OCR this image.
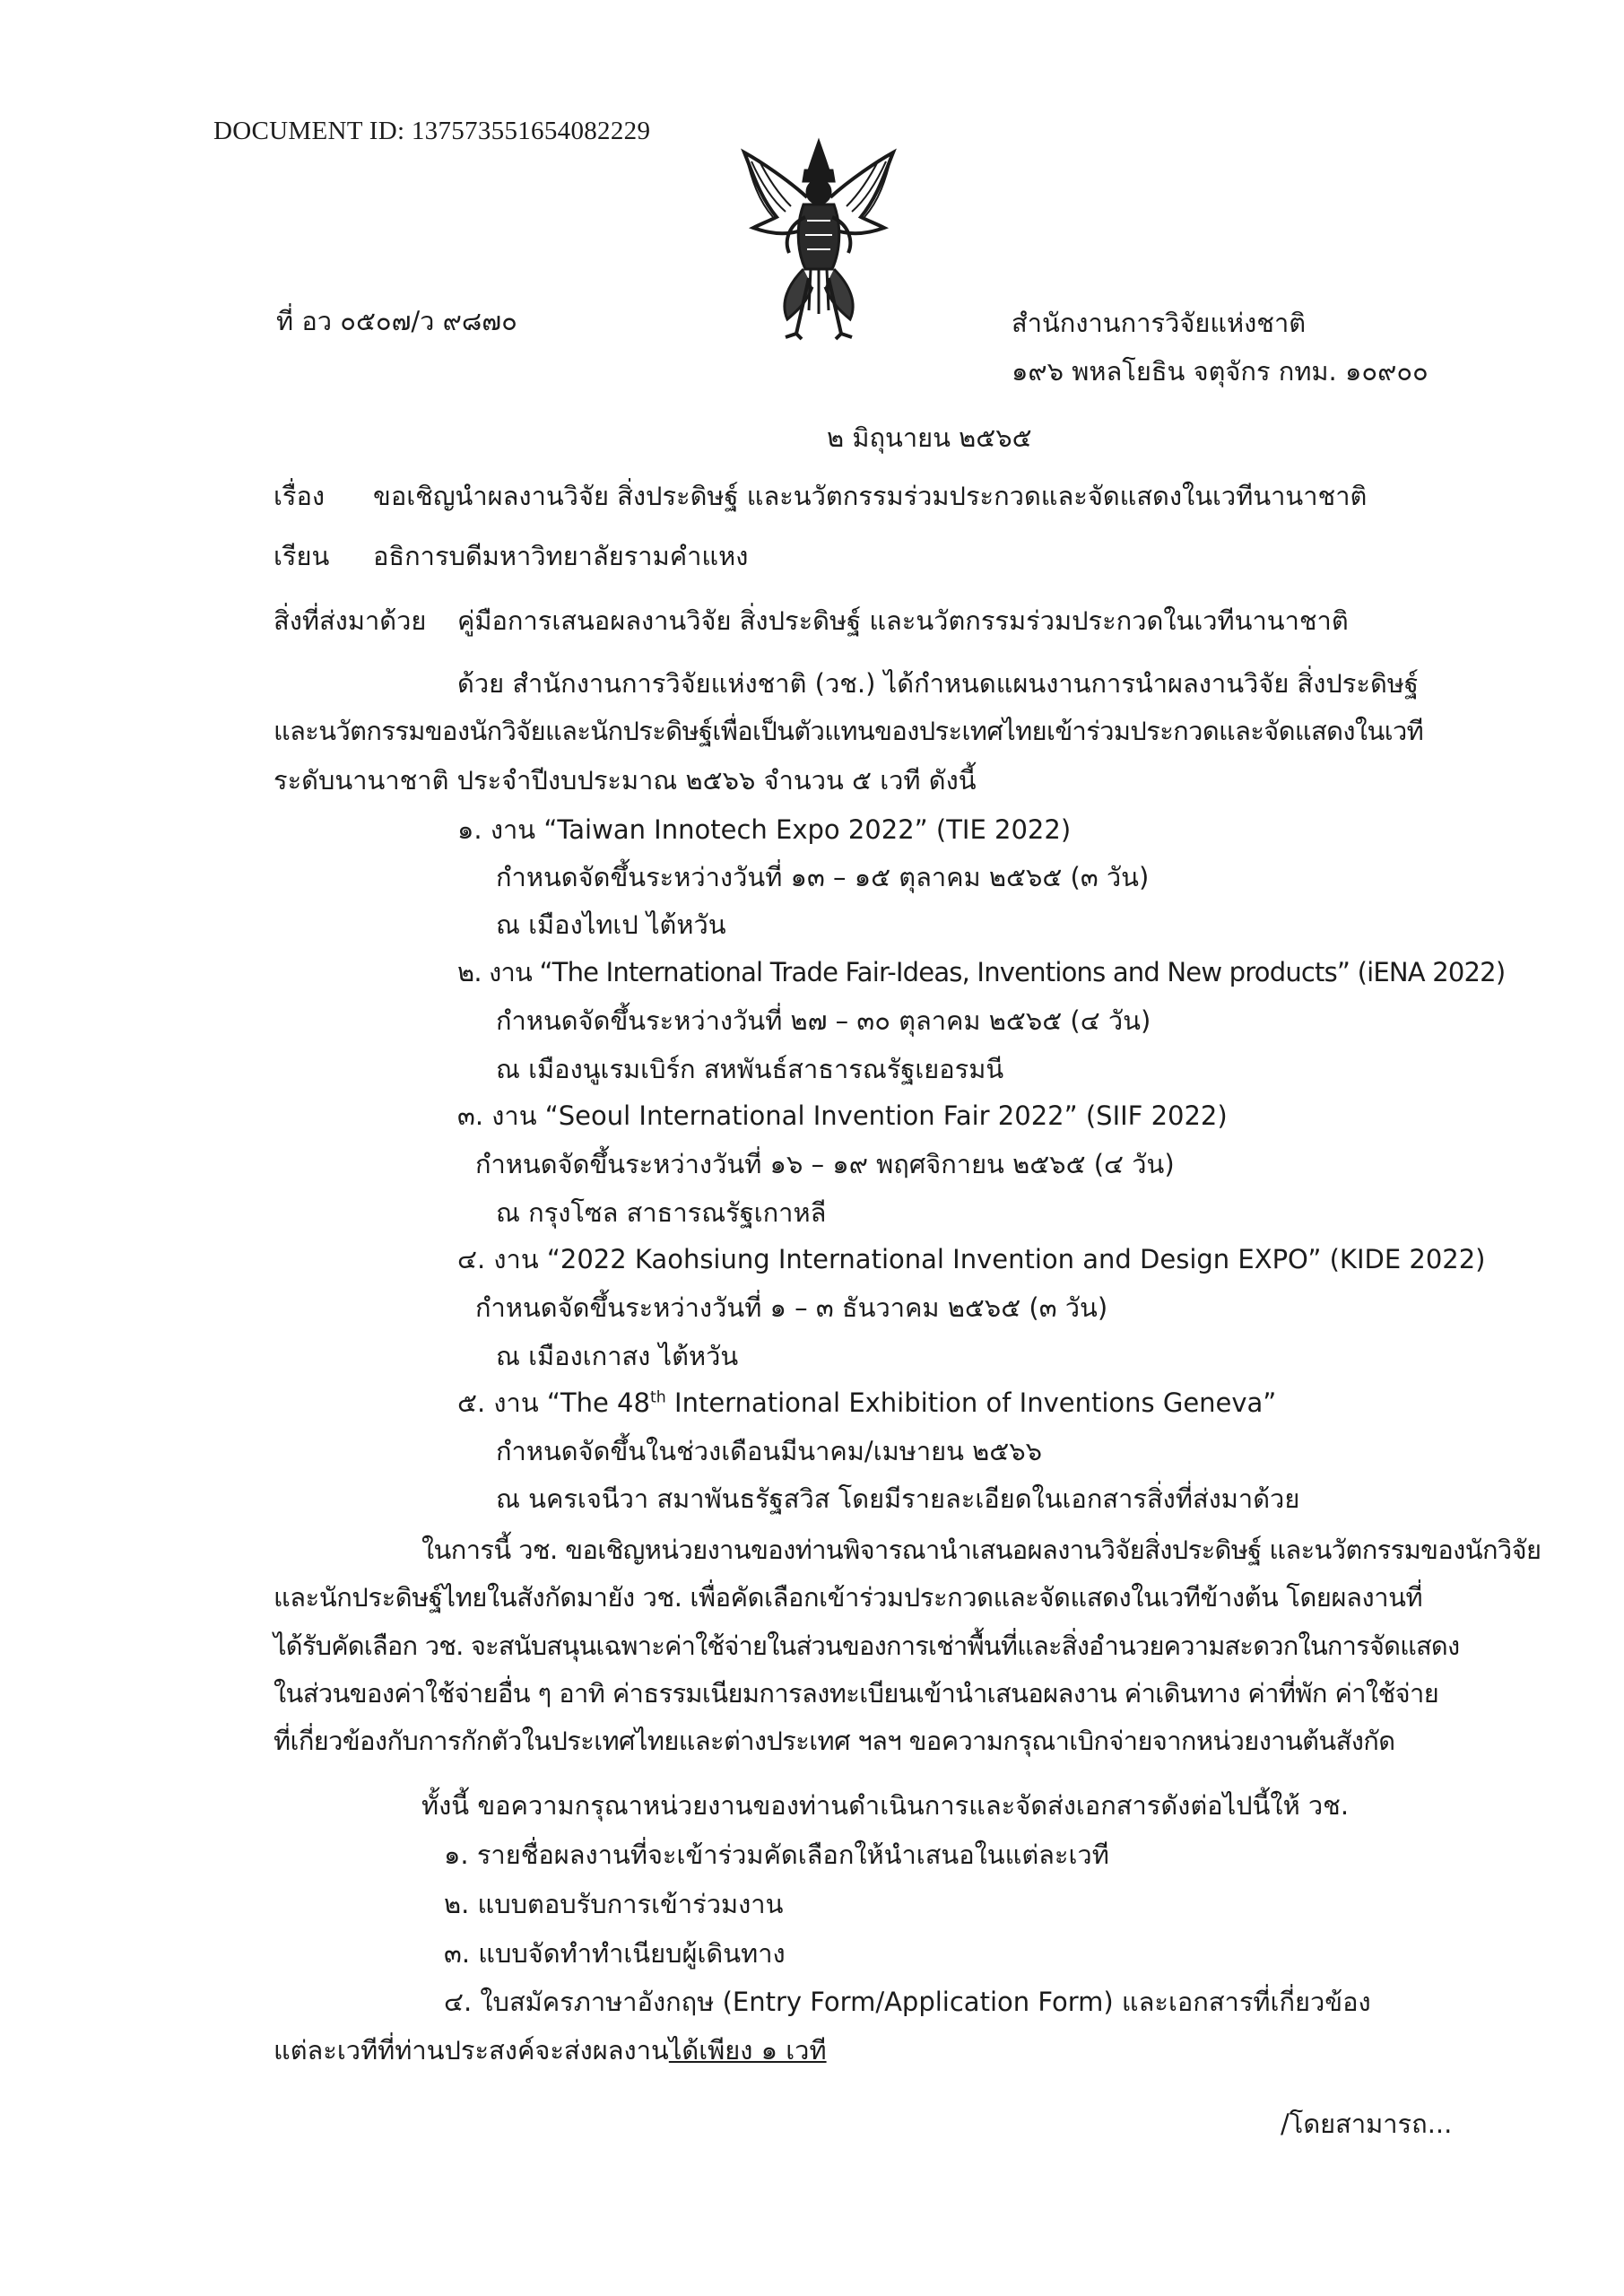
DOCUMENT ID: 137573551654082229
ที่ อว ๐๕๐๗/ว ๙๘๗๐	สำนักงานการวิจัยแห่งชาติ
๑๙๖ พหลโยธิน จตุจักร กทม. ๑๐๙๐๐
๒ มิถุนายน ๒๕๖๕
เรื่อง ขอเชิญนำผลงานวิจัย สิ่งประดิษฐ์ และนวัตกรรมร่วมประกวดและจัดแสดงในเวทีนานาชาติ
เรียน อธิการบดีมหาวิทยาลัยรามคำแหง
สิ่งที่ส่งมาด้วย คู่มือการเสนอผลงานวิจัย สิ่งประดิษฐ์ และนวัตกรรมร่วมประกวดในเวทีนานาชาติ
ด้วย สำนักงานการวิจัยแห่งชาติ (วช.) ได้กำหนดแผนงานการนำผลงานวิจัย สิ่งประดิษฐ์
และนวัตกรรมของนักวิจัยและนักประดิษฐ์เพื่อเป็นตัวแทนของประเทศไทยเข้าร่วมประกวดและจัดแสดงในเวที
ระดับนานาชาติ ประจำปีงบประมาณ ๒๕๖๖ จำนวน ๕ เวที ดังนี้
๑. งาน “Taiwan Innotech Expo 2022” (TIE 2022)
กำหนดจัดขึ้นระหว่างวันที่ ๑๓ – ๑๕ ตุลาคม ๒๕๖๕ (๓ วัน)
ณ เมืองไทเป ไต้หวัน
๒. งาน “The International Trade Fair-Ideas, Inventions and New products” (iENA 2022)
กำหนดจัดขึ้นระหว่างวันที่ ๒๗ – ๓๐ ตุลาคม ๒๕๖๕ (๔ วัน)
ณ เมืองนูเรมเบิร์ก สหพันธ์สาธารณรัฐเยอรมนี
๓. งาน “Seoul International Invention Fair 2022” (SIIF 2022)
กำหนดจัดขึ้นระหว่างวันที่ ๑๖ – ๑๙ พฤศจิกายน ๒๕๖๕ (๔ วัน)
ณ กรุงโซล สาธารณรัฐเกาหลี
๔. งาน “2022 Kaohsiung International Invention and Design EXPO” (KIDE 2022)
กำหนดจัดขึ้นระหว่างวันที่ ๑ – ๓ ธันวาคม ๒๕๖๕ (๓ วัน)
ณ เมืองเกาสง ไต้หวัน
๕. งาน “The 48th International Exhibition of Inventions Geneva”
กำหนดจัดขึ้นในช่วงเดือนมีนาคม/เมษายน ๒๕๖๖
ณ นครเจนีวา สมาพันธรัฐสวิส โดยมีรายละเอียดในเอกสารสิ่งที่ส่งมาด้วย
ในการนี้ วช. ขอเชิญหน่วยงานของท่านพิจารณานำเสนอผลงานวิจัยสิ่งประดิษฐ์ และนวัตกรรมของนักวิจัย
และนักประดิษฐ์ไทยในสังกัดมายัง วช. เพื่อคัดเลือกเข้าร่วมประกวดและจัดแสดงในเวทีข้างต้น โดยผลงานที่
ได้รับคัดเลือก วช. จะสนับสนุนเฉพาะค่าใช้จ่ายในส่วนของการเช่าพื้นที่และสิ่งอำนวยความสะดวกในการจัดแสดง
ในส่วนของค่าใช้จ่ายอื่น ๆ อาทิ ค่าธรรมเนียมการลงทะเบียนเข้านำเสนอผลงาน ค่าเดินทาง ค่าที่พัก ค่าใช้จ่าย
ที่เกี่ยวข้องกับการกักตัวในประเทศไทยและต่างประเทศ ฯลฯ ขอความกรุณาเบิกจ่ายจากหน่วยงานต้นสังกัด
ทั้งนี้ ขอความกรุณาหน่วยงานของท่านดำเนินการและจัดส่งเอกสารดังต่อไปนี้ให้ วช.
๑. รายชื่อผลงานที่จะเข้าร่วมคัดเลือกให้นำเสนอในแต่ละเวที
๒. แบบตอบรับการเข้าร่วมงาน
๓. แบบจัดทำทำเนียบผู้เดินทาง
๔. ใบสมัครภาษาอังกฤษ (Entry Form/Application Form) และเอกสารที่เกี่ยวข้อง
แต่ละเวทีที่ท่านประสงค์จะส่งผลงานได้เพียง ๑ เวที
/โดยสามารถ...
